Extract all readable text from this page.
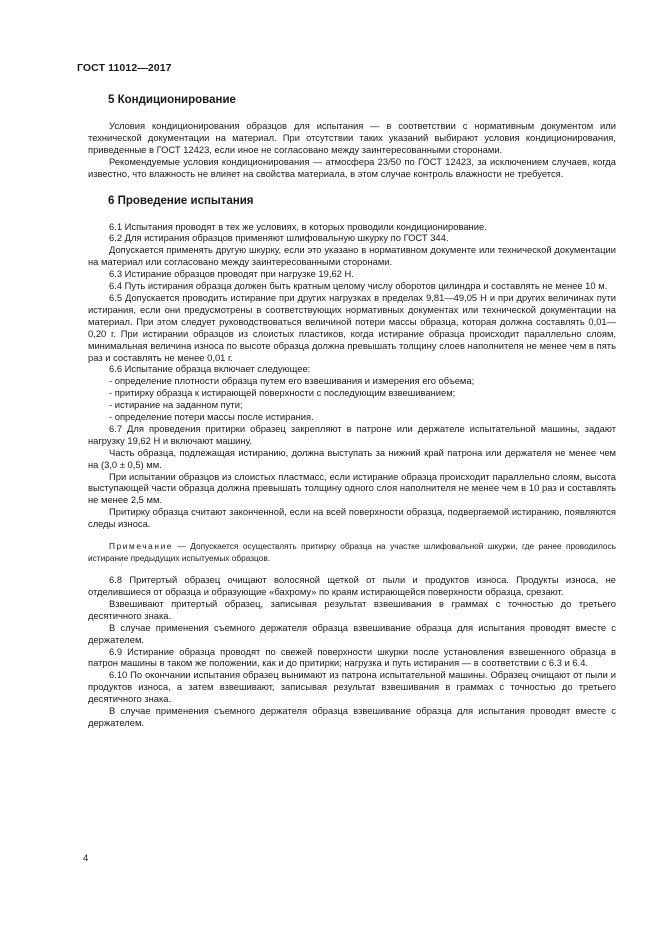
ГОСТ 11012—2017
5 Кондиционирование

Условия кондиционирования образцов для испытания — в соответствии с нормативным документом или технической документации на материал. При отсутствии таких указаний выбирают условия кондиционирования, приведенные в ГОСТ 12423, если иное не согласовано между заинтересованными сторонами.

Рекомендуемые условия кондиционирования — атмосфера 23/50 по ГОСТ 12423, за исключением случаев, когда известно, что влажность не влияет на свойства материала, в этом случае контроль влажности не требуется.

6 Проведение испытания

6.1 Испытания проводят в тех же условиях, в которых проводили кондиционирование.

6.2 Для истирания образцов применяют шлифовальную шкурку по ГОСТ 344.

Допускается применять другую шкурку, если это указано в нормативном документе или технической документации на материал или согласовано между заинтересованными сторонами.

6.3 Истирание образцов проводят при нагрузке 19,62 Н.

6.4 Путь истирания образца должен быть кратным целому числу оборотов цилиндра и составлять не менее 10 м.

6.5 Допускается проводить истирание при других нагрузках в пределах 9,81—49,05 Н и при других величинах пути истирания, если они предусмотрены в соответствующих нормативных документах или технической документации на материал. При этом следует руководствоваться величиной потери массы образца, которая должна составлять 0,01—0,20 г. При истирании образцов из слоистых пластиков, когда истирание образца происходит параллельно слоям, минимальная величина износа по высоте образца должна превышать толщину слоев наполнителя не менее чем в пять раз и составлять не менее 0,01 г.

6.6 Испытание образца включает следующее:

- определение плотности образца путем его взвешивания и измерения его объема;

- притирку образца к истирающей поверхности с последующим взвешиванием;

- истирание на заданном пути;

- определение потери массы после истирания.

6.7 Для проведения притирки образец закрепляют в патроне или держателе испытательной машины, задают нагрузку 19,62 Н и включают машину.

Часть образца, подлежащая истиранию, должна выступать за нижний край патрона или держателя не менее чем на (3,0 ± 0,5) мм.

При испытании образцов из слоистых пластмасс, если истирание образца происходит параллельно слоям, высота выступающей части образца должна превышать толщину одного слоя наполнителя не менее чем в 10 раз и составлять не менее 2,5 мм.

Притирку образца считают законченной, если на всей поверхности образца, подвергаемой истиранию, появляются следы износа.

Примечание — Допускается осуществлять притирку образца на участке шлифовальной шкурки, где ранее проводилось истирание предыдущих испытуемых образцов.

6.8 Притертый образец очищают волосяной щеткой от пыли и продуктов износа. Продукты износа, не отделившиеся от образца и образующие «бахрому» по краям истирающейся поверхности образца, срезают.

Взвешивают притертый образец, записывая результат взвешивания в граммах с точностью до третьего десятичного знака.

В случае применения съемного держателя образца взвешивание образца для испытания проводят вместе с держателем.

6.9 Истирание образца проводят по свежей поверхности шкурки после установления взвешенного образца в патрон машины в таком же положении, как и до притирки; нагрузка и путь истирания — в соответствии с 6.3 и 6.4.

6.10 По окончании испытания образец вынимают из патрона испытательной машины. Образец очищают от пыли и продуктов износа, а затем взвешивают, записывая результат взвешивания в граммах с точностью до третьего десятичного знака.

В случае применения съемного держателя образца взвешивание образца для испытания проводят вместе с держателем.

4
